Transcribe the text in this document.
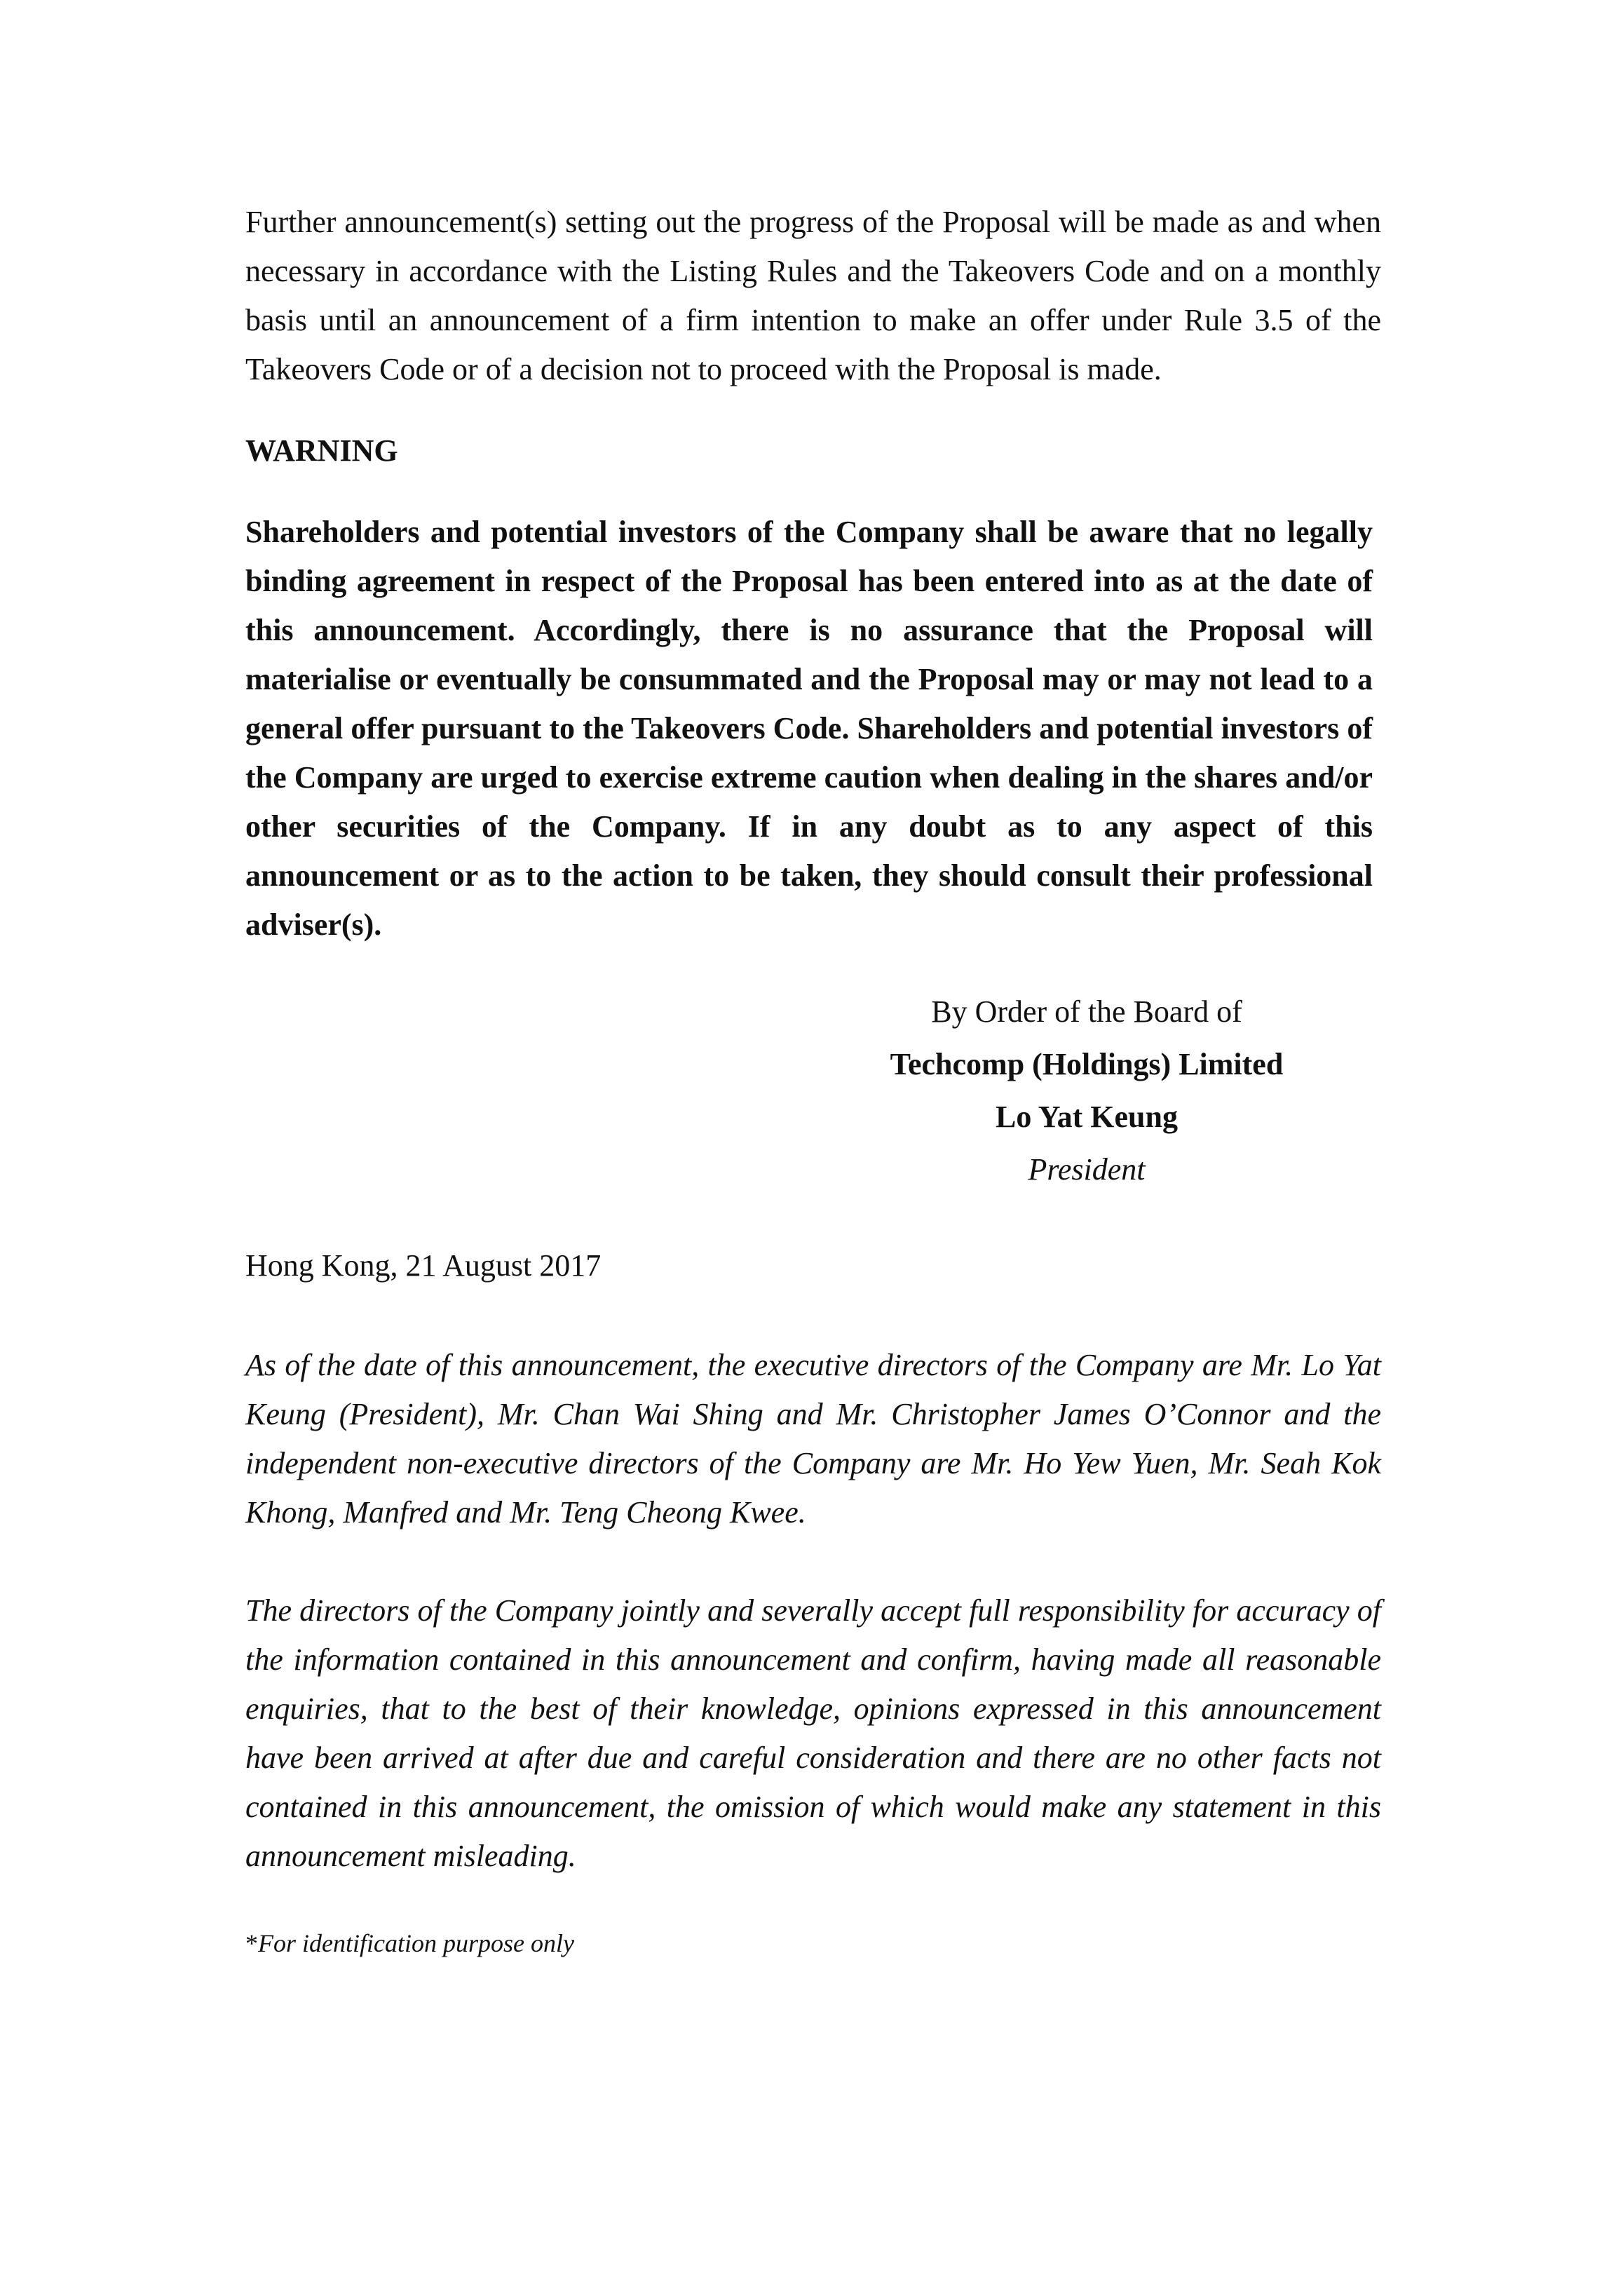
Further announcement(s) setting out the progress of the Proposal will be made as and when necessary in accordance with the Listing Rules and the Takeovers Code and on a monthly basis until an announcement of a firm intention to make an offer under Rule 3.5 of the Takeovers Code or of a decision not to proceed with the Proposal is made.

WARNING

Shareholders and potential investors of the Company shall be aware that no legally binding agreement in respect of the Proposal has been entered into as at the date of this announcement. Accordingly, there is no assurance that the Proposal will materialise or eventually be consummated and the Proposal may or may not lead to a general offer pursuant to the Takeovers Code. Shareholders and potential investors of the Company are urged to exercise extreme caution when dealing in the shares and/or other securities of the Company. If in any doubt as to any aspect of this announcement or as to the action to be taken, they should consult their professional adviser(s).

By Order of the Board of
Techcomp (Holdings) Limited
Lo Yat Keung
President

Hong Kong, 21 August 2017

As of the date of this announcement, the executive directors of the Company are Mr. Lo Yat Keung (President), Mr. Chan Wai Shing and Mr. Christopher James O’Connor and the independent non-executive directors of the Company are Mr. Ho Yew Yuen, Mr. Seah Kok Khong, Manfred and Mr. Teng Cheong Kwee.

The directors of the Company jointly and severally accept full responsibility for accuracy of the information contained in this announcement and confirm, having made all reasonable enquiries, that to the best of their knowledge, opinions expressed in this announcement have been arrived at after due and careful consideration and there are no other facts not contained in this announcement, the omission of which would make any statement in this announcement misleading.

*For identification purpose only
